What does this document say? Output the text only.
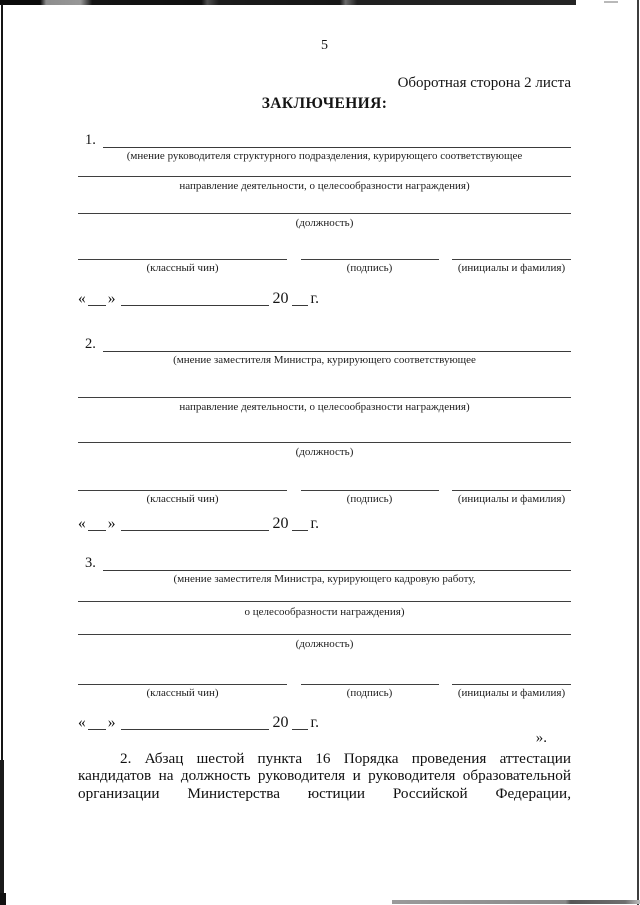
5
Оборотная сторона 2 листа
ЗАКЛЮЧЕНИЯ:
1.
(мнение руководителя структурного подразделения, курирующего соответствующее
направление деятельности, о целесообразности награждения)
(должность)
(классный чин)	(подпись)	(инициалы и фамилия)
« »	20 г.
2.
(мнение заместителя Министра, курирующего соответствующее
направление деятельности, о целесообразности награждения)
(должность)
(классный чин)	(подпись)	(инициалы и фамилия)
« »	20 г.
3.
(мнение заместителя Министра, курирующего кадровую работу,
о целесообразности награждения)
(должность)
(классный чин)	(подпись)	(инициалы и фамилия)
« »	20 г.
».
2. Абзац шестой пункта 16 Порядка проведения аттестации
кандидатов на должность руководителя и руководителя образовательной
организации Министерства юстиции Российской Федерации,
